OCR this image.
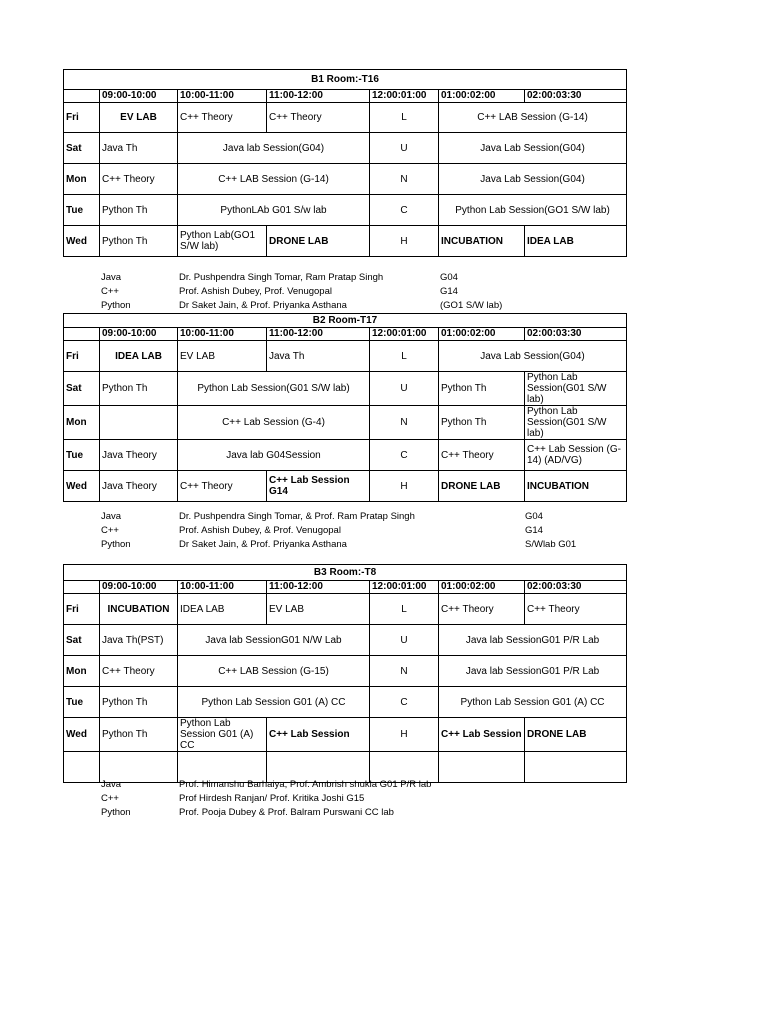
B1 Room:-T16						
	09:00-10:00	10:00-11:00	11:00-12:00	12:00:01:00	01:00:02:00	02:00:03:30
Fri	EV LAB	C++ Theory	C++ Theory	L	C++ LAB Session (G-14)	
Sat	Java Th	Java lab Session(G04)		U	Java Lab Session(G04)	
Mon	C++ Theory	C++ LAB Session (G-14)		N	Java Lab Session(G04)	
Tue	Python Th	PythonLAb G01 S/w lab		C	Python Lab Session(GO1 S/W lab)	
Wed	Python Th	Python Lab(GO1 S/W lab)	DRONE LAB	H	INCUBATION	IDEA LAB
Java	Dr. Pushpendra Singh Tomar, Ram Pratap Singh	G04
C++	Prof. Ashish Dubey, Prof. Venugopal	G14
Python	Dr Saket Jain, & Prof. Priyanka Asthana	(GO1 S/W lab)
B2 Room-T17						
	09:00-10:00	10:00-11:00	11:00-12:00	12:00:01:00	01:00:02:00	02:00:03:30
Fri	IDEA LAB	EV LAB	Java Th	L	Java Lab Session(G04)	
Sat	Python Th	Python Lab Session(G01 S/W lab)		U	Python Th	Python Lab Session(G01 S/W lab)
Mon		C++ Lab Session (G-4)		N	Python Th	Python Lab Session(G01 S/W lab)
Tue	Java Theory	Java lab G04Session		C	C++ Theory	C++ Lab Session (G-14) (AD/VG)
Wed	Java Theory	C++ Theory	C++ Lab Session G14	H	DRONE LAB	INCUBATION
Java	Dr. Pushpendra Singh Tomar, & Prof. Ram Pratap Singh	G04
C++	Prof. Ashish Dubey, & Prof. Venugopal	G14
Python	Dr Saket Jain, & Prof. Priyanka Asthana	S/Wlab G01
B3 Room:-T8						
	09:00-10:00	10:00-11:00	11:00-12:00	12:00:01:00	01:00:02:00	02:00:03:30
Fri	INCUBATION	IDEA LAB	EV LAB	L	C++ Theory	C++ Theory
Sat	Java Th(PST)	Java lab SessionG01 N/W Lab		U	Java lab SessionG01 P/R Lab	
Mon	C++ Theory	C++ LAB Session (G-15)		N	Java lab SessionG01 P/R Lab	
Tue	Python Th	Python Lab Session G01 (A) CC		C	Python Lab Session G01 (A) CC	
Wed	Python Th	Python Lab Session G01 (A) CC	C++ Lab Session	H	C++ Lab Session	DRONE LAB

Java	Prof. Himanshu Barhaiya, Prof. Ambrish shukla G01 P/R lab
C++	Prof Hirdesh Ranjan/ Prof. Kritika Joshi G15
Python	Prof. Pooja Dubey & Prof. Balram Purswani CC lab
